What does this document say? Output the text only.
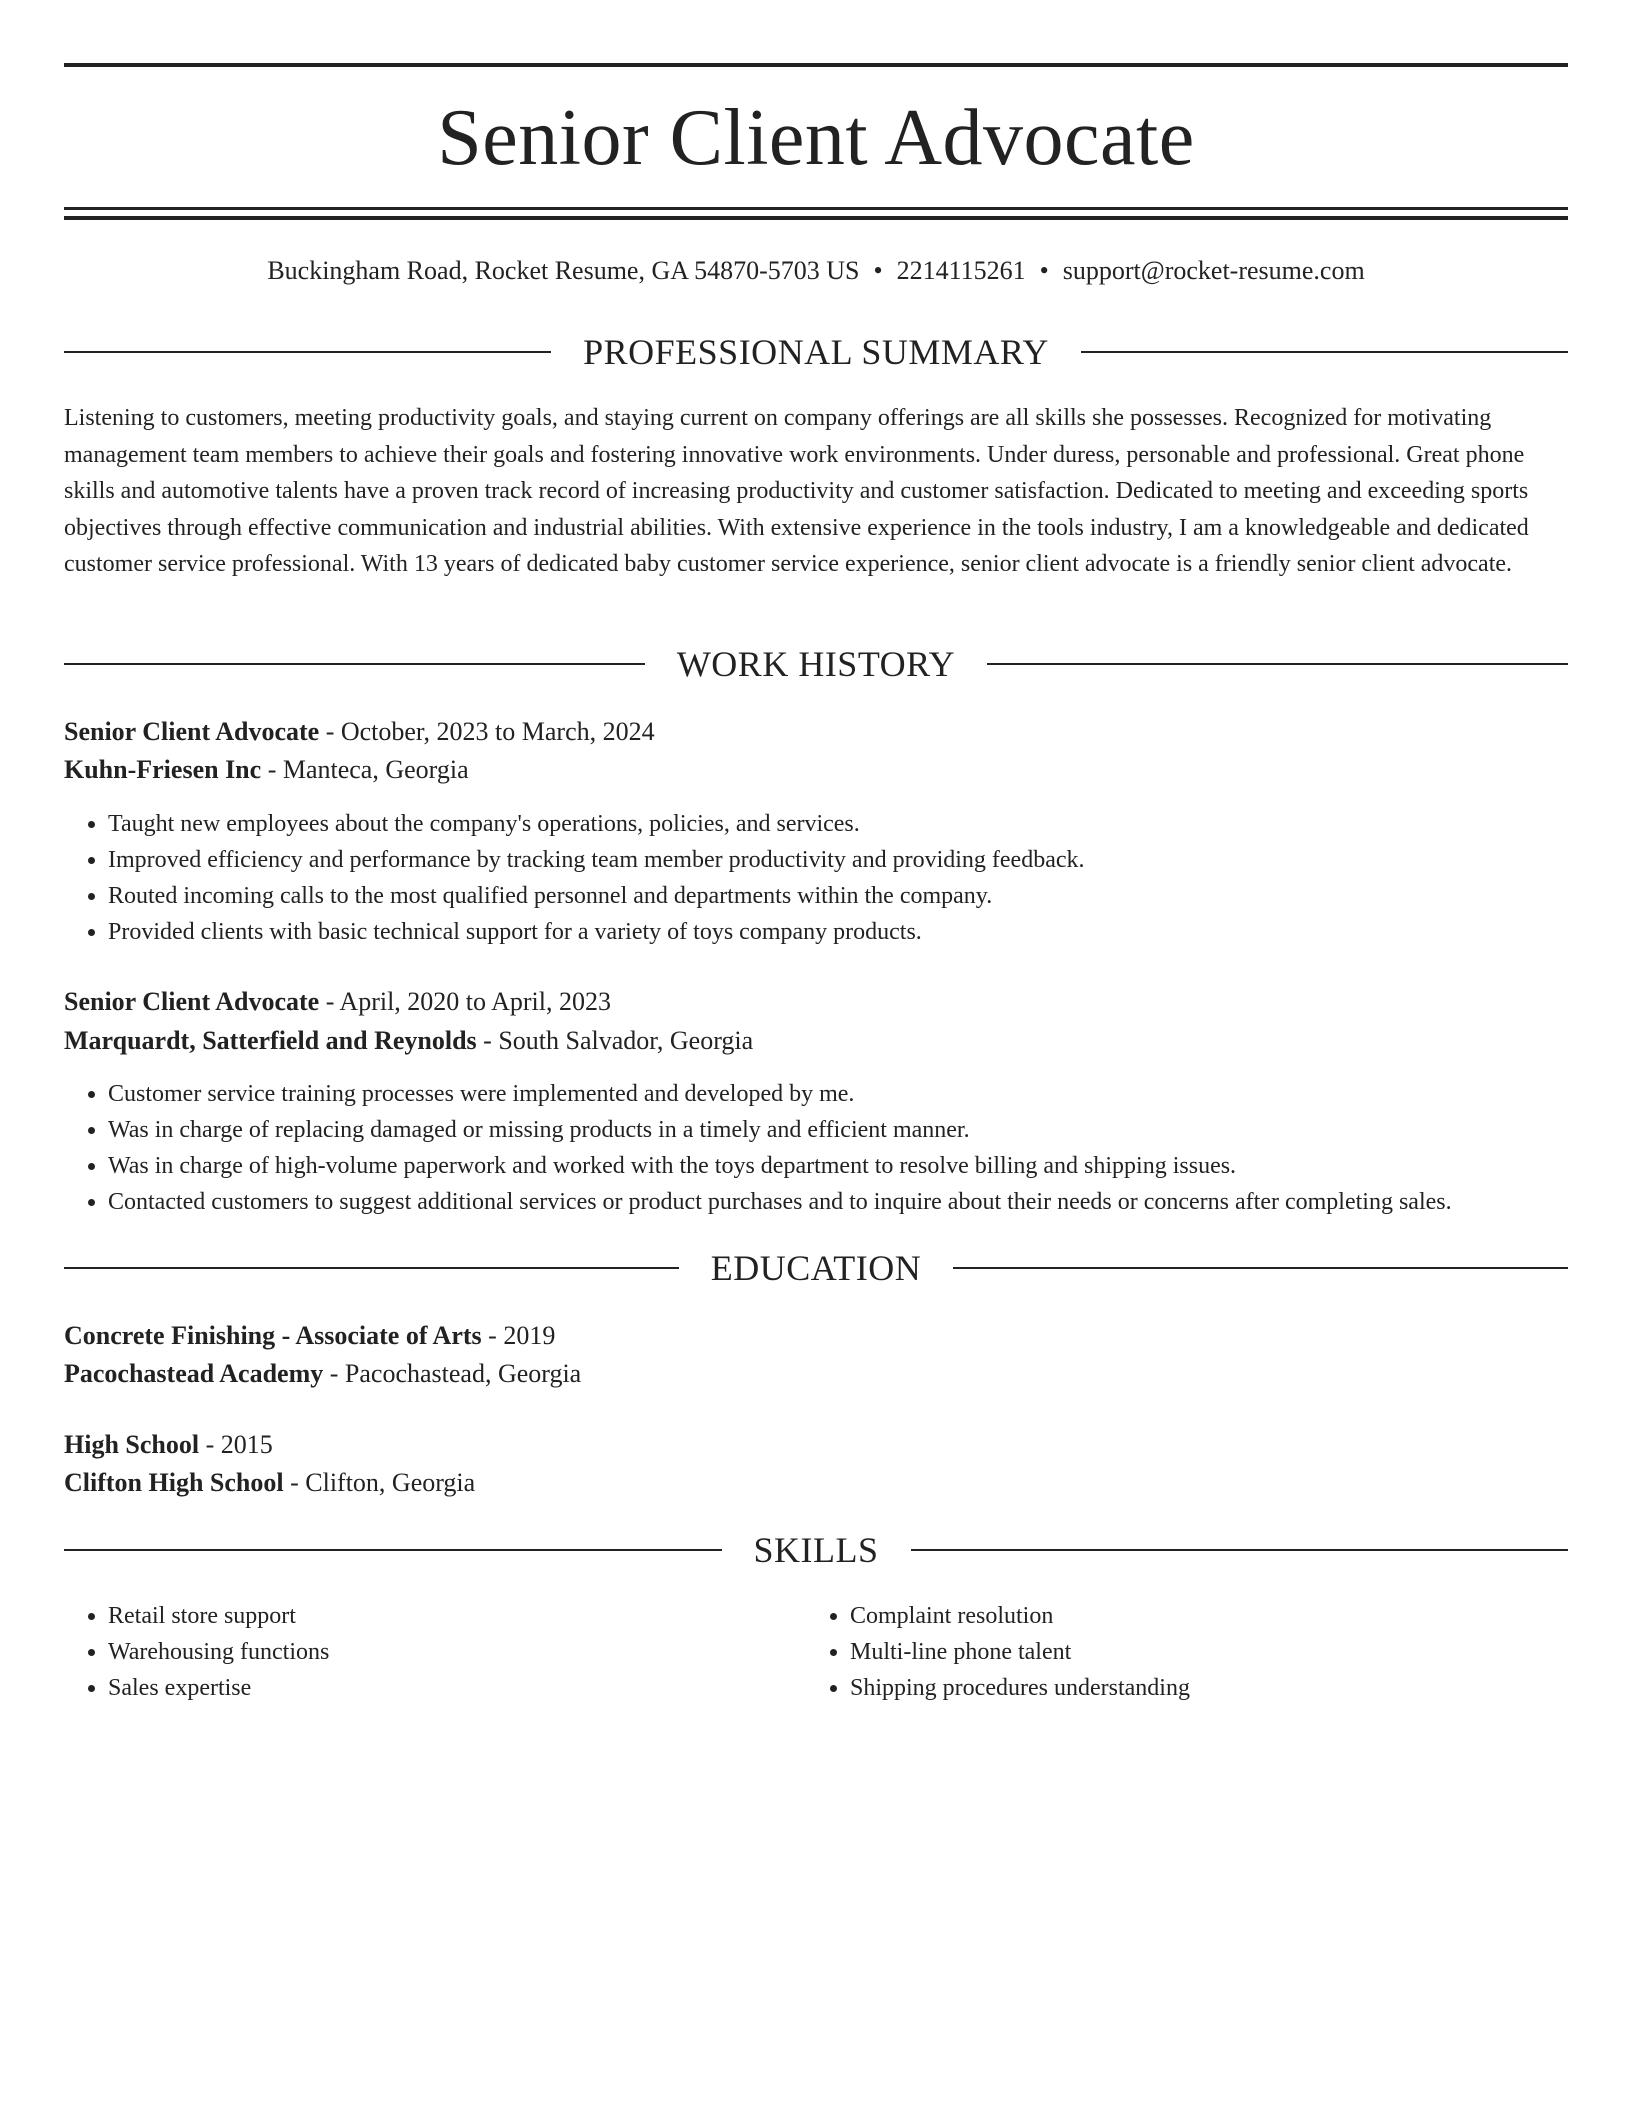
Senior Client Advocate
Buckingham Road, Rocket Resume, GA 54870-5703 US • 2214115261 • support@rocket-resume.com
PROFESSIONAL SUMMARY

Listening to customers, meeting productivity goals, and staying current on company offerings are all skills she possesses. Recognized for motivating management team members to achieve their goals and fostering innovative work environments. Under duress, personable and professional. Great phone skills and automotive talents have a proven track record of increasing productivity and customer satisfaction. Dedicated to meeting and exceeding sports objectives through effective communication and industrial abilities. With extensive experience in the tools industry, I am a knowledgeable and dedicated customer service professional. With 13 years of dedicated baby customer service experience, senior client advocate is a friendly senior client advocate.

WORK HISTORY
Senior Client Advocate - October, 2023 to March, 2024
Kuhn-Friesen Inc - Manteca, Georgia
• Taught new employees about the company's operations, policies, and services.
• Improved efficiency and performance by tracking team member productivity and providing feedback.
• Routed incoming calls to the most qualified personnel and departments within the company.
• Provided clients with basic technical support for a variety of toys company products.
Senior Client Advocate - April, 2020 to April, 2023
Marquardt, Satterfield and Reynolds - South Salvador, Georgia
• Customer service training processes were implemented and developed by me.
• Was in charge of replacing damaged or missing products in a timely and efficient manner.
• Was in charge of high-volume paperwork and worked with the toys department to resolve billing and shipping issues.
• Contacted customers to suggest additional services or product purchases and to inquire about their needs or concerns after completing sales.
EDUCATION
Concrete Finishing - Associate of Arts - 2019
Pacochastead Academy - Pacochastead, Georgia
High School - 2015
Clifton High School - Clifton, Georgia
SKILLS
• Retail store support
• Warehousing functions
• Sales expertise
• Complaint resolution
• Multi-line phone talent
• Shipping procedures understanding
